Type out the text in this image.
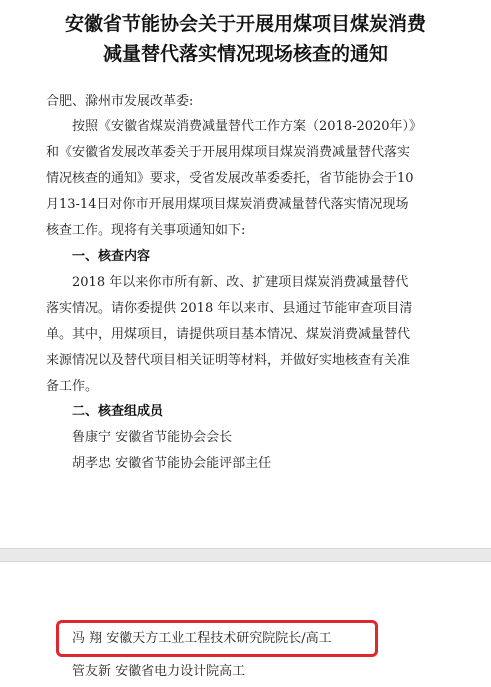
安徽省节能协会关于开展用煤项目煤炭消费
减量替代落实情况现场核查的通知

合肥、滁州市发展改革委:

按照《安徽省煤炭消费减量替代工作方案（2018-2020年）》

和《安徽省发展改革委关于开展用煤项目煤炭消费减量替代落实

情况核查的通知》要求，受省发展改革委委托，省节能协会于10

月13-14日对你市开展用煤项目煤炭消费减量替代落实情况现场

核查工作。现将有关事项通知如下:

一、核查内容

2018 年以来你市所有新、改、扩建项目煤炭消费减量替代

落实情况。请你委提供 2018 年以来市、县通过节能审查项目清

单。其中，用煤项目，请提供项目基本情况、煤炭消费减量替代

来源情况以及替代项目相关证明等材料，并做好实地核查有关准

备工作。

二、核查组成员

鲁康宁 安徽省节能协会会长

胡孝忠 安徽省节能协会能评部主任

冯 翔 安徽天方工业工程技术研究院院长/高工

管友新 安徽省电力设计院高工
